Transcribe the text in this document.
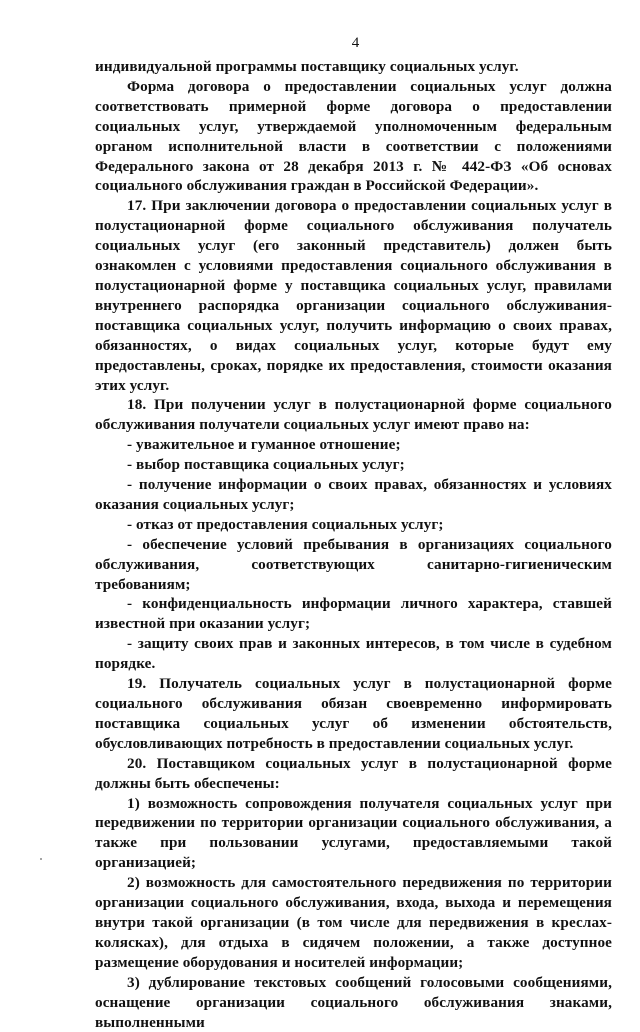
4

индивидуальной программы поставщику социальных услуг.

Форма договора о предоставлении социальных услуг должна соответствовать примерной форме договора о предоставлении социальных услуг, утверждаемой уполномоченным федеральным органом исполнительной власти в соответствии с положениями Федерального закона от 28 декабря 2013 г. № 442-ФЗ «Об основах социального обслуживания граждан в Российской Федерации».

17. При заключении договора о предоставлении социальных услуг в полустационарной форме социального обслуживания получатель социальных услуг (его законный представитель) должен быть ознакомлен с условиями предоставления социального обслуживания в полустационарной форме у поставщика социальных услуг, правилами внутреннего распорядка организации социального обслуживания-поставщика социальных услуг, получить информацию о своих правах, обязанностях, о видах социальных услуг, которые будут ему предоставлены, сроках, порядке их предоставления, стоимости оказания этих услуг.

18. При получении услуг в полустационарной форме социального обслуживания получатели социальных услуг имеют право на:

- уважительное и гуманное отношение;

- выбор поставщика социальных услуг;

- получение информации о своих правах, обязанностях и условиях оказания социальных услуг;

- отказ от предоставления социальных услуг;

- обеспечение условий пребывания в организациях социального обслуживания, соответствующих санитарно-гигиеническим требованиям;

- конфиденциальность информации личного характера, ставшей известной при оказании услуг;

- защиту своих прав и законных интересов, в том числе в судебном порядке.

19. Получатель социальных услуг в полустационарной форме социального обслуживания обязан своевременно информировать поставщика социальных услуг об изменении обстоятельств, обусловливающих потребность в предоставлении социальных услуг.

20. Поставщиком социальных услуг в полустационарной форме должны быть обеспечены:

1) возможность сопровождения получателя социальных услуг при передвижении по территории организации социального обслуживания, а также при пользовании услугами, предоставляемыми такой организацией;

2) возможность для самостоятельного передвижения по территории организации социального обслуживания, входа, выхода и перемещения внутри такой организации (в том числе для передвижения в креслах-колясках), для отдыха в сидячем положении, а также доступное размещение оборудования и носителей информации;

3) дублирование текстовых сообщений голосовыми сообщениями, оснащение организации социального обслуживания знаками, выполненными
